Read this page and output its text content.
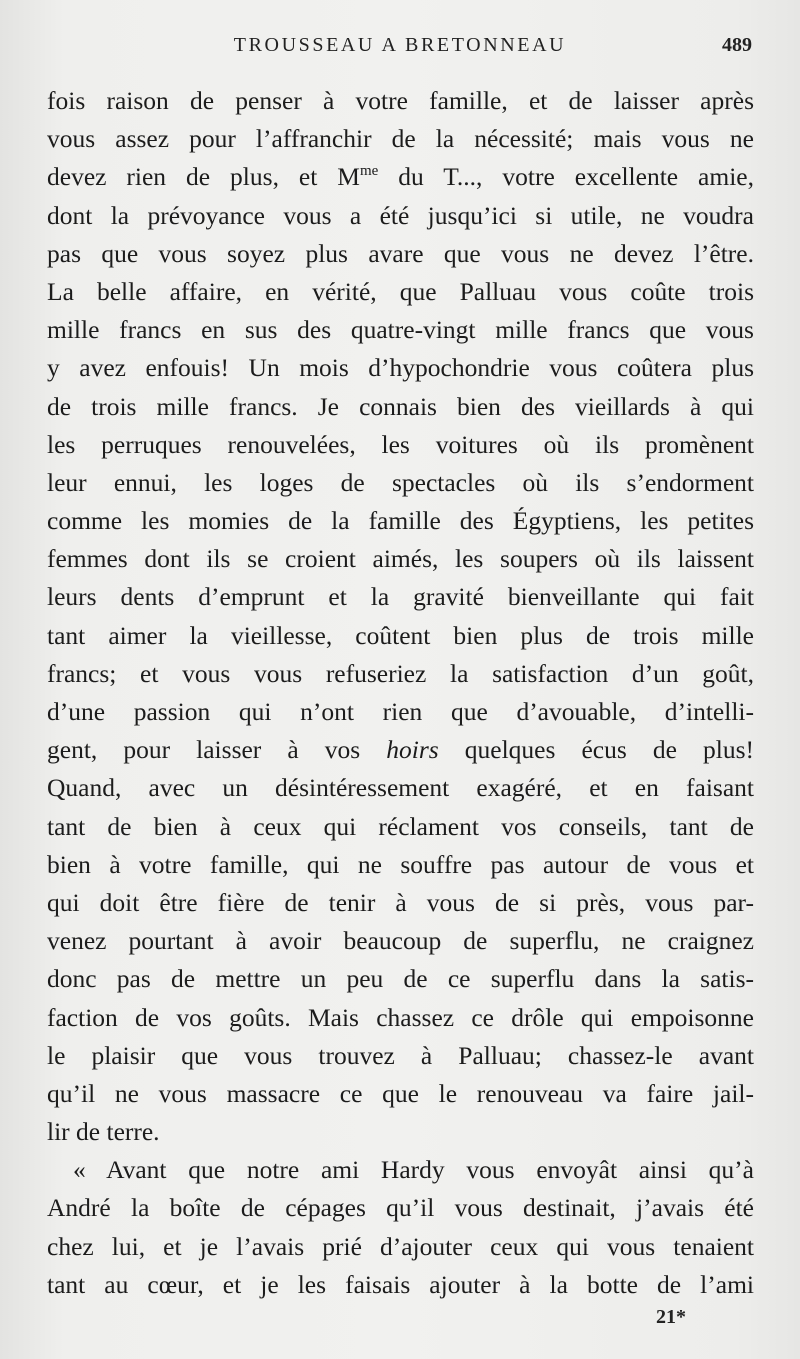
TROUSSEAU A BRETONNEAU	489
fois raison de penser à votre famille, et de laisser après
vous assez pour l’affranchir de la nécessité; mais vous ne
devez rien de plus, et $M^{me}$ du T..., votre excellente amie,
dont la prévoyance vous a été jusqu’ici si utile, ne voudra
pas que vous soyez plus avare que vous ne devez l’être.
La belle affaire, en vérité, que Palluau vous coûte trois
mille francs en sus des quatre-vingt mille francs que vous
y avez enfouis! Un mois d’hypochondrie vous coûtera plus
de trois mille francs. Je connais bien des vieillards à qui
les perruques renouvelées, les voitures où ils promènent
leur ennui, les loges de spectacles où ils s’endorment
comme les momies de la famille des Égyptiens, les petites
femmes dont ils se croient aimés, les soupers où ils laissent
leurs dents d’emprunt et la gravité bienveillante qui fait
tant aimer la vieillesse, coûtent bien plus de trois mille
francs; et vous vous refuseriez la satisfaction d’un goût,
d’une passion qui n’ont rien que d’avouable, d’intelli-
gent, pour laisser à vos hoirs quelques écus de plus!
Quand, avec un désintéressement exagéré, et en faisant
tant de bien à ceux qui réclament vos conseils, tant de
bien à votre famille, qui ne souffre pas autour de vous et
qui doit être fière de tenir à vous de si près, vous par-
venez pourtant à avoir beaucoup de superflu, ne craignez
donc pas de mettre un peu de ce superflu dans la satis-
faction de vos goûts. Mais chassez ce drôle qui empoisonne
le plaisir que vous trouvez à Palluau; chassez-le avant
qu’il ne vous massacre ce que le renouveau va faire jail-
lir de terre.
« Avant que notre ami Hardy vous envoyât ainsi qu’à
André la boîte de cépages qu’il vous destinait, j’avais été
chez lui, et je l’avais prié d’ajouter ceux qui vous tenaient
tant au cœur, et je les faisais ajouter à la botte de l’ami
21*
